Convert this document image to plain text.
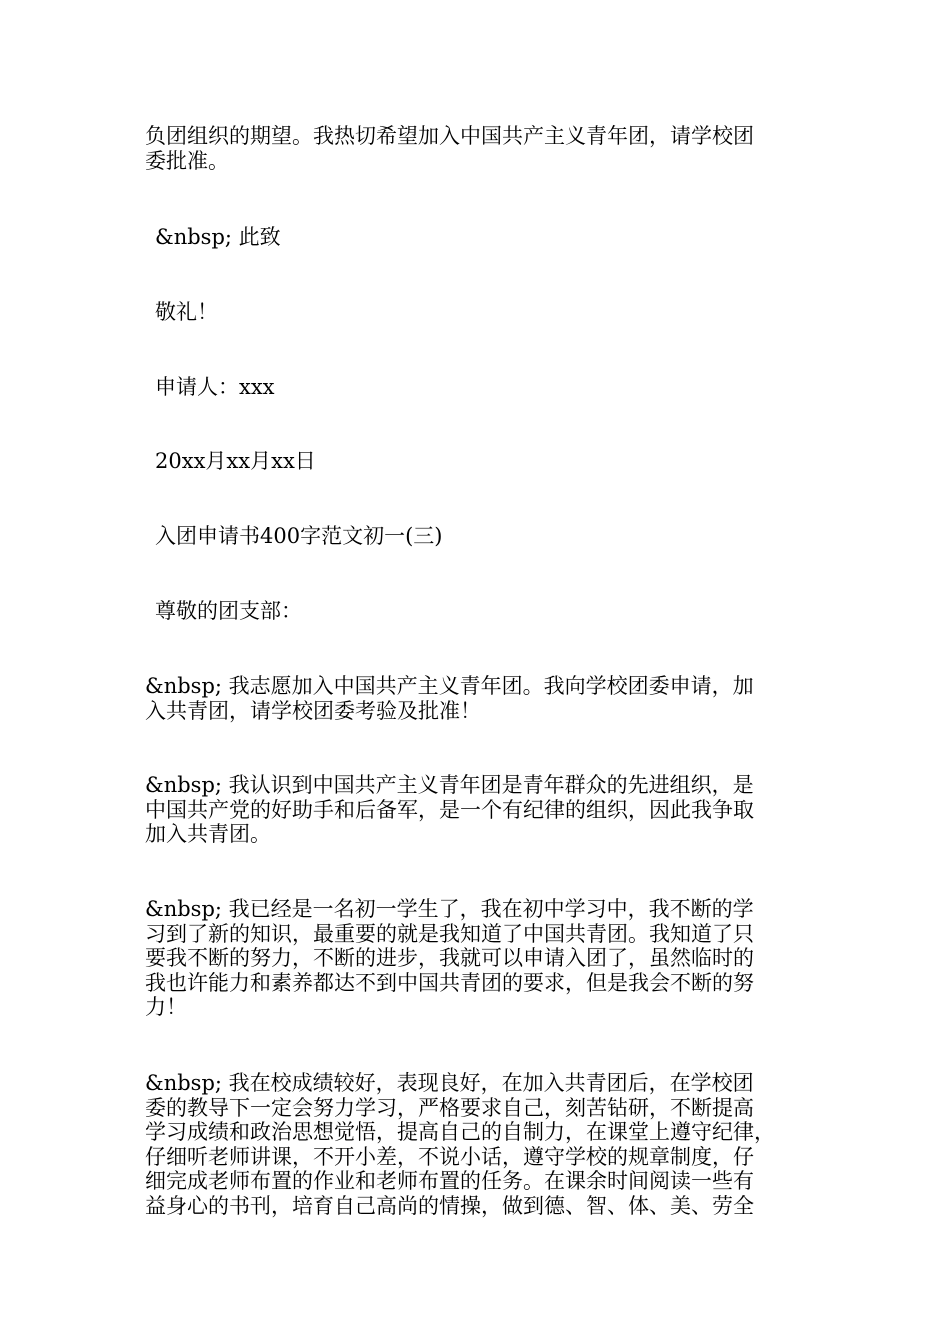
负团组织的期望。我热切希望加入中国共产主义青年团，请学校团
委批准。

&nbsp; 此致

敬礼！

申请人：xxx

20xx月xx月xx日

入团申请书400字范文初一(三)

尊敬的团支部：

&nbsp; 我志愿加入中国共产主义青年团。我向学校团委申请，加
入共青团，请学校团委考验及批准！

&nbsp; 我认识到中国共产主义青年团是青年群众的先进组织，是
中国共产党的好助手和后备军，是一个有纪律的组织，因此我争取
加入共青团。

&nbsp; 我已经是一名初一学生了，我在初中学习中，我不断的学
习到了新的知识，最重要的就是我知道了中国共青团。我知道了只
要我不断的努力，不断的进步，我就可以申请入团了，虽然临时的
我也许能力和素养都达不到中国共青团的要求，但是我会不断的努
力！

&nbsp; 我在校成绩较好，表现良好，在加入共青团后，在学校团
委的教导下一定会努力学习，严格要求自己，刻苦钻研，不断提高
学习成绩和政治思想觉悟，提高自己的自制力，在课堂上遵守纪律，
仔细听老师讲课，不开小差，不说小话，遵守学校的规章制度，仔
细完成老师布置的作业和老师布置的任务。在课余时间阅读一些有
益身心的书刊，培育自己高尚的情操，做到德、智、体、美、劳全
